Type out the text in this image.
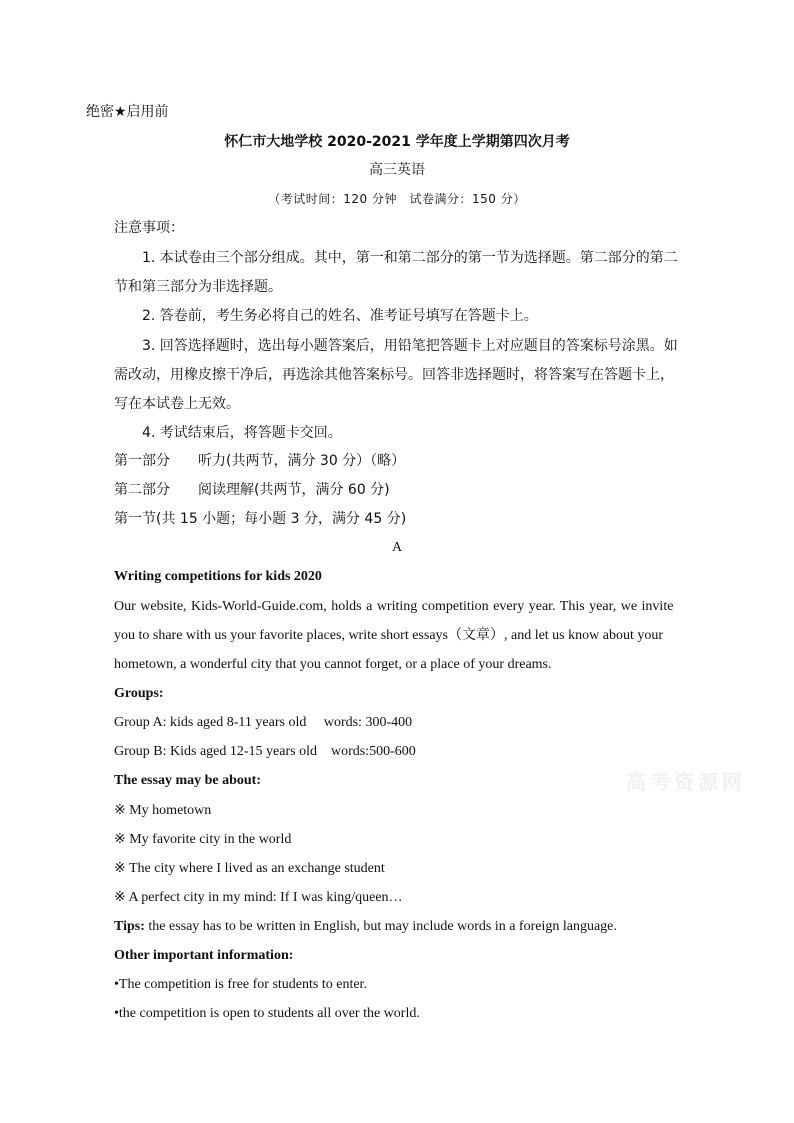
绝密★启用前
怀仁市大地学校 2020-2021 学年度上学期第四次月考
高三英语
（考试时间：120 分钟　试卷满分：150 分）
注意事项：
1. 本试卷由三个部分组成。其中，第一和第二部分的第一节为选择题。第二部分的第二
节和第三部分为非选择题。
2. 答卷前，考生务必将自己的姓名、准考证号填写在答题卡上。
3. 回答选择题时，选出每小题答案后，用铅笔把答题卡上对应题目的答案标号涂黑。如
需改动，用橡皮擦干净后，再选涂其他答案标号。回答非选择题时，将答案写在答题卡上，
写在本试卷上无效。
4. 考试结束后，将答题卡交回。
第一部分 听力(共两节，满分 30 分）（略）
第二部分 阅读理解(共两节，满分 60 分)
第一节(共 15 小题；每小题 3 分，满分 45 分)
A
Writing competitions for kids 2020
Our website, Kids-World-Guide.com, holds a writing competition every year. This year, we invite
you to share with us your favorite places, write short essays（文章）, and let us know about your
hometown, a wonderful city that you cannot forget, or a place of your dreams.
Groups:
Group A: kids aged 8-11 years old　 words: 300-400
Group B: Kids aged 12-15 years old　words:500-600
The essay may be about:
※ My hometown
※ My favorite city in the world
※ The city where I lived as an exchange student
※ A perfect city in my mind: If I was king/queen…
Tips: the essay has to be written in English, but may include words in a foreign language.
Other important information:
•The competition is free for students to enter.
•the competition is open to students all over the world.
高考资源网
